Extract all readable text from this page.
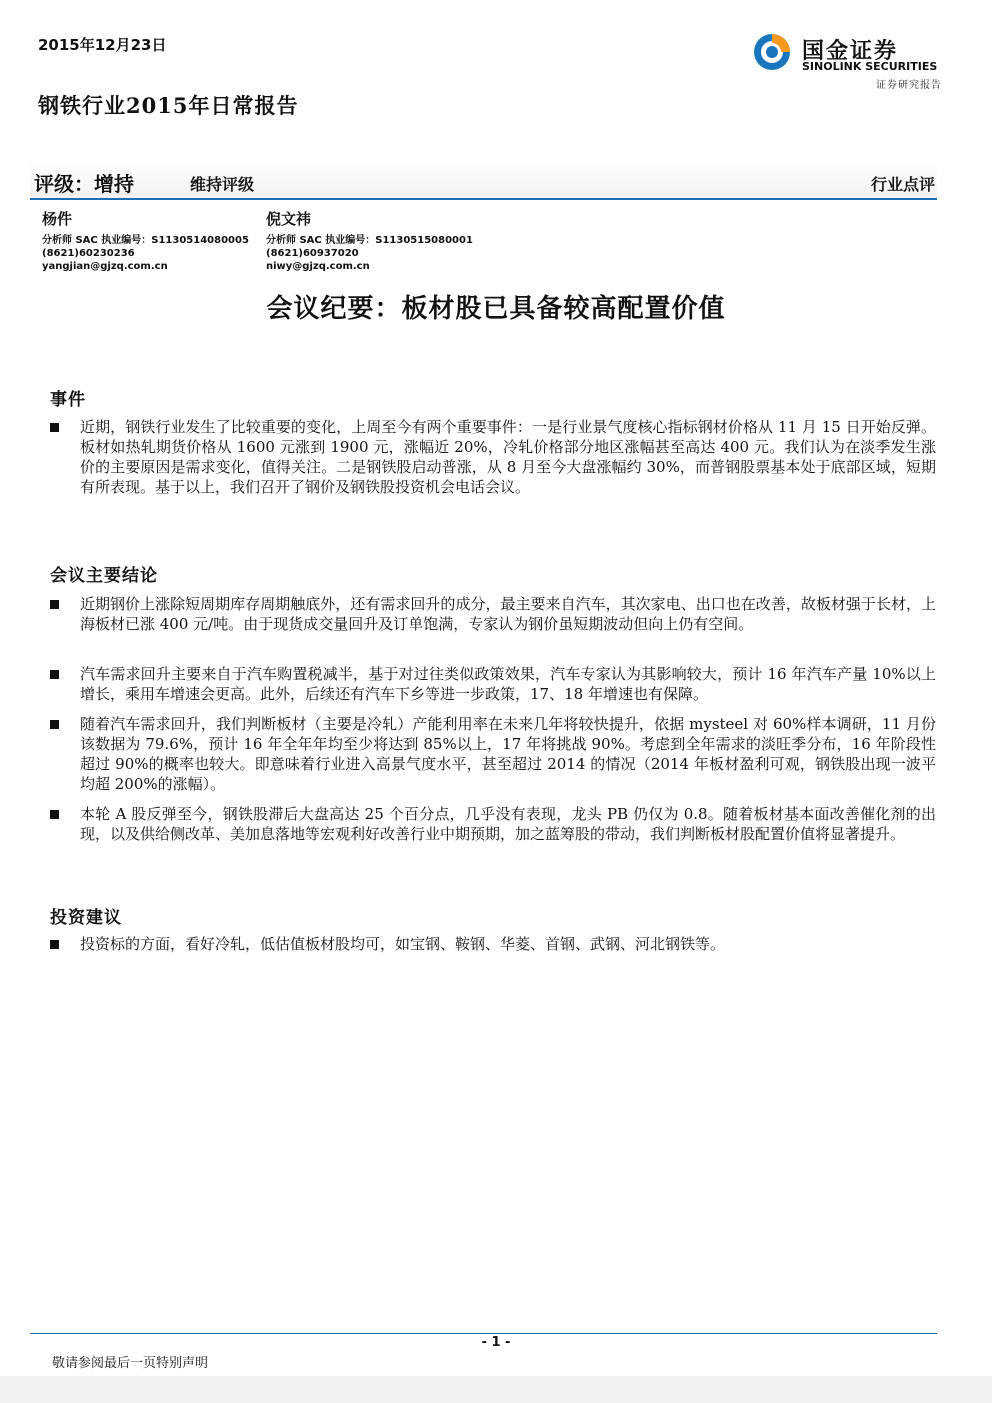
2015年12月23日
钢铁行业2015年日常报告
国金证券
SINOLINK SECURITIES
证券研究报告
评级：增持	维持评级	行业点评
杨件
分析师 SAC 执业编号：S1130514080005
(8621)60230236
yangjian@gjzq.com.cn
倪文祎
分析师 SAC 执业编号：S1130515080001
(8621)60937020
niwy@gjzq.com.cn
会议纪要：板材股已具备较高配置价值
事件
近期，钢铁行业发生了比较重要的变化，上周至今有两个重要事件：一是行业景气度核心指标钢材价格从 11 月 15 日开始反弹。板材如热轧期货价格从 1600 元涨到 1900 元，涨幅近 20%，冷轧价格部分地区涨幅甚至高达 400 元。我们认为在淡季发生涨价的主要原因是需求变化，值得关注。二是钢铁股启动普涨，从 8 月至今大盘涨幅约 30%，而普钢股票基本处于底部区域，短期有所表现。基于以上，我们召开了钢价及钢铁股投资机会电话会议。
会议主要结论
近期钢价上涨除短周期库存周期触底外，还有需求回升的成分，最主要来自汽车，其次家电、出口也在改善，故板材强于长材，上海板材已涨 400 元/吨。由于现货成交量回升及订单饱满，专家认为钢价虽短期波动但向上仍有空间。
汽车需求回升主要来自于汽车购置税减半，基于对过往类似政策效果，汽车专家认为其影响较大，预计 16 年汽车产量 10%以上增长，乘用车增速会更高。此外，后续还有汽车下乡等进一步政策，17、18 年增速也有保障。
随着汽车需求回升，我们判断板材（主要是冷轧）产能利用率在未来几年将较快提升，依据 mysteel 对 60%样本调研，11 月份该数据为 79.6%，预计 16 年全年年均至少将达到 85%以上，17 年将挑战 90%。考虑到全年需求的淡旺季分布，16 年阶段性超过 90%的概率也较大。即意味着行业进入高景气度水平，甚至超过 2014 的情况（2014 年板材盈利可观，钢铁股出现一波平均超 200%的涨幅）。
本轮 A 股反弹至今，钢铁股滞后大盘高达 25 个百分点，几乎没有表现，龙头 PB 仍仅为 0.8。随着板材基本面改善催化剂的出现，以及供给侧改革、美加息落地等宏观利好改善行业中期预期，加之蓝筹股的带动，我们判断板材股配置价值将显著提升。
投资建议
投资标的方面，看好冷轧，低估值板材股均可，如宝钢、鞍钢、华菱、首钢、武钢、河北钢铁等。
- 1 -
敬请参阅最后一页特别声明
